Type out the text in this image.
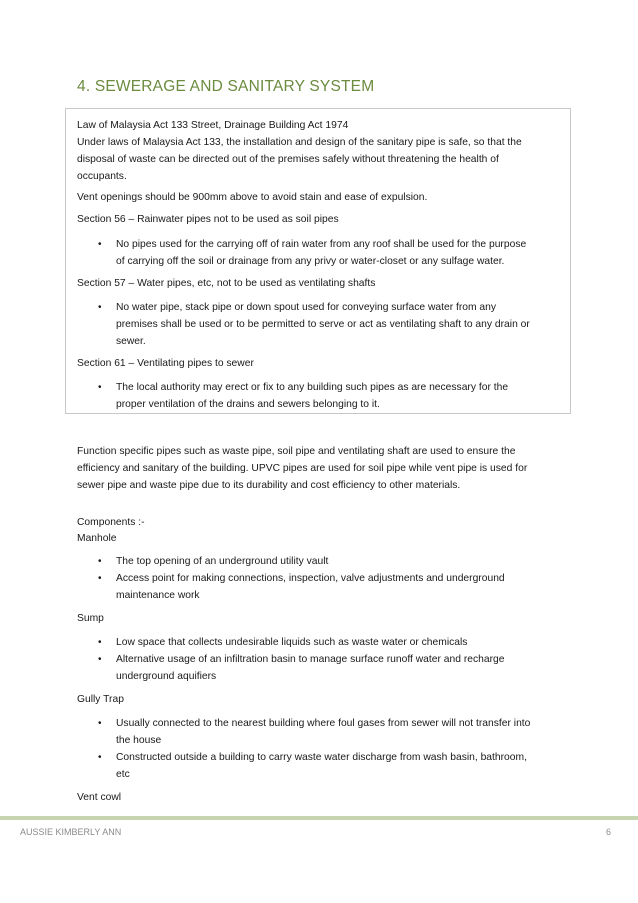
4. SEWERAGE AND SANITARY SYSTEM

Law of Malaysia Act 133 Street, Drainage Building Act 1974

Under laws of Malaysia Act 133, the installation and design of the sanitary pipe is safe, so that the

disposal of waste can be directed out of the premises safely without threatening the health of

occupants.

Vent openings should be 900mm above to avoid stain and ease of expulsion.

Section 56 – Rainwater pipes not to be used as soil pipes

• No pipes used for the carrying off of rain water from any roof shall be used for the purpose

of carrying off the soil or drainage from any privy or water-closet or any sulfage water.

Section 57 – Water pipes, etc, not to be used as ventilating shafts

• No water pipe, stack pipe or down spout used for conveying surface water from any

premises shall be used or to be permitted to serve or act as ventilating shaft to any drain or

sewer.

Section 61 – Ventilating pipes to sewer

• The local authority may erect or fix to any building such pipes as are necessary for the

proper ventilation of the drains and sewers belonging to it.

Function specific pipes such as waste pipe, soil pipe and ventilating shaft are used to ensure the

efficiency and sanitary of the building. UPVC pipes are used for soil pipe while vent pipe is used for

sewer pipe and waste pipe due to its durability and cost efficiency to other materials.

Components :-

Manhole

• The top opening of an underground utility vault

• Access point for making connections, inspection, valve adjustments and underground

maintenance work

Sump

• Low space that collects undesirable liquids such as waste water or chemicals

• Alternative usage of an infiltration basin to manage surface runoff water and recharge

underground aquifiers

Gully Trap

• Usually connected to the nearest building where foul gases from sewer will not transfer into

the house

• Constructed outside a building to carry waste water discharge from wash basin, bathroom,

etc

Vent cowl

AUSSIE KIMBERLY ANN	6
